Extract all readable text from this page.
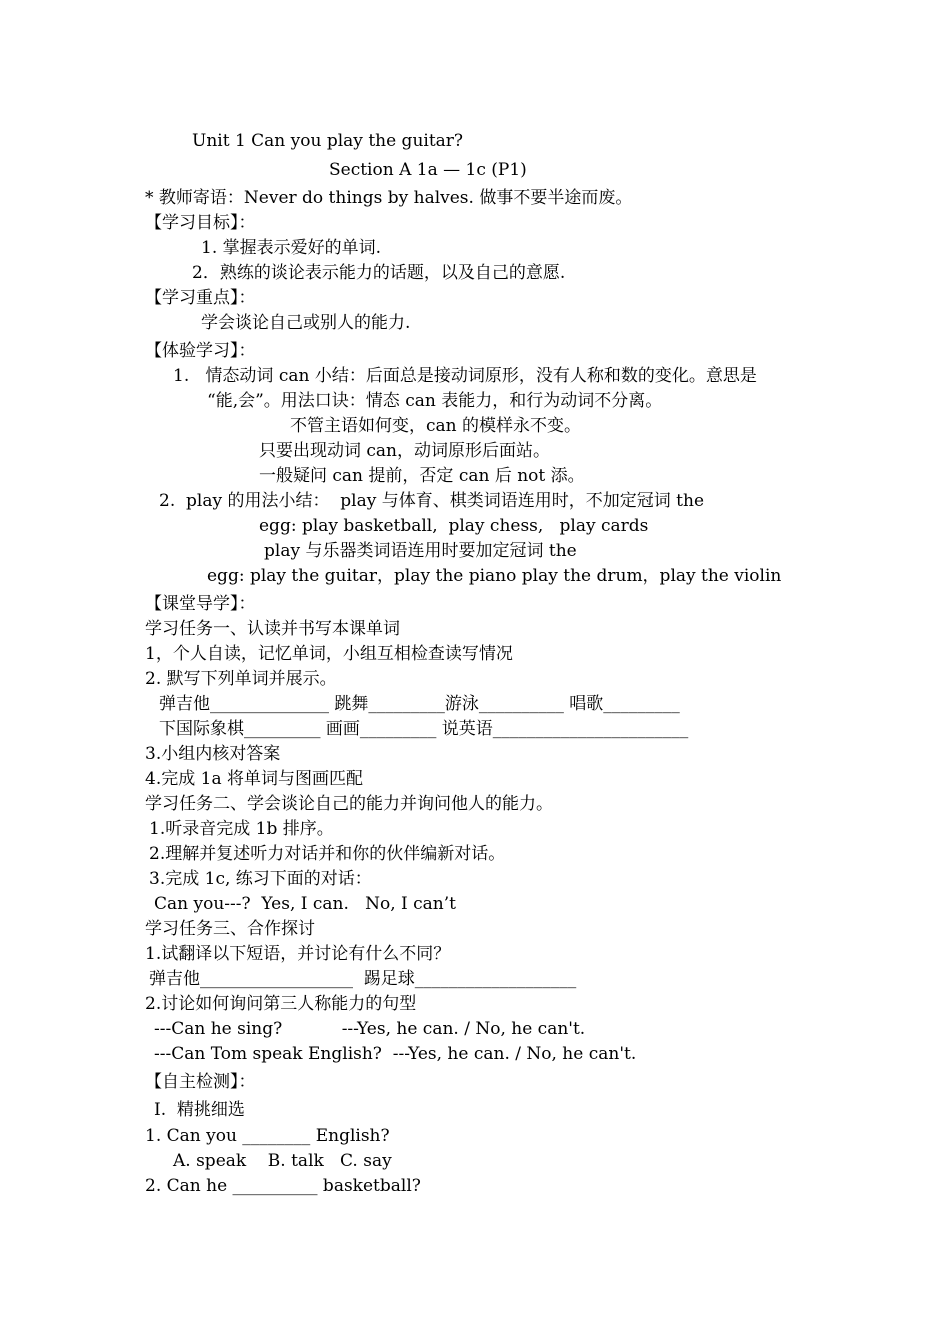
Unit 1 Can you play the guitar?
Section A 1a — 1c (P1)
* 教师寄语：Never do things by halves. 做事不要半途而废。
【学习目标】：
1. 掌握表示爱好的单词.
2．熟练的谈论表示能力的话题，以及自己的意愿.
【学习重点】：
学会谈论自己或别人的能力.
【体验学习】：
1.   情态动词 can 小结：后面总是接动词原形，没有人称和数的变化。意思是
“能,会”。用法口诀：情态 can 表能力，和行为动词不分离。
不管主语如何变，can 的模样永不变。
只要出现动词 can，动词原形后面站。
一般疑问 can 提前，否定 can 后 not 添。
2.  play 的用法小结：  play 与体育、棋类词语连用时，不加定冠词 the
egg: play basketball,  play chess,   play cards
play 与乐器类词语连用时要加定冠词 the
egg: play the guitar，play the piano play the drum，play the violin
【课堂导学】：
学习任务一、认读并书写本课单词
1，个人自读，记忆单词，小组互相检查读写情况
2. 默写下列单词并展示。
弹吉他______________ 跳舞_________游泳__________ 唱歌_________
下国际象棋_________ 画画_________ 说英语_______________________
3.小组内核对答案
4.完成 1a 将单词与图画匹配
学习任务二、学会谈论自己的能力并询问他人的能力。
1.听录音完成 1b 排序。
2.理解并复述听力对话并和你的伙伴编新对话。
3.完成 1c, 练习下面的对话：
Can you---?  Yes, I can.   No, I can’t
学习任务三、合作探讨
1.试翻译以下短语，并讨论有什么不同？
弹吉他__________________  踢足球___________________
2.讨论如何询问第三人称能力的句型
---Can he sing?           ---Yes, he can. / No, he can't.
---Can Tom speak English?  ---Yes, he can. / No, he can't.
【自主检测】：
I.  精挑细选
1. Can you ________ English?
A. speak    B. talk   C. say
2. Can he __________ basketball?
